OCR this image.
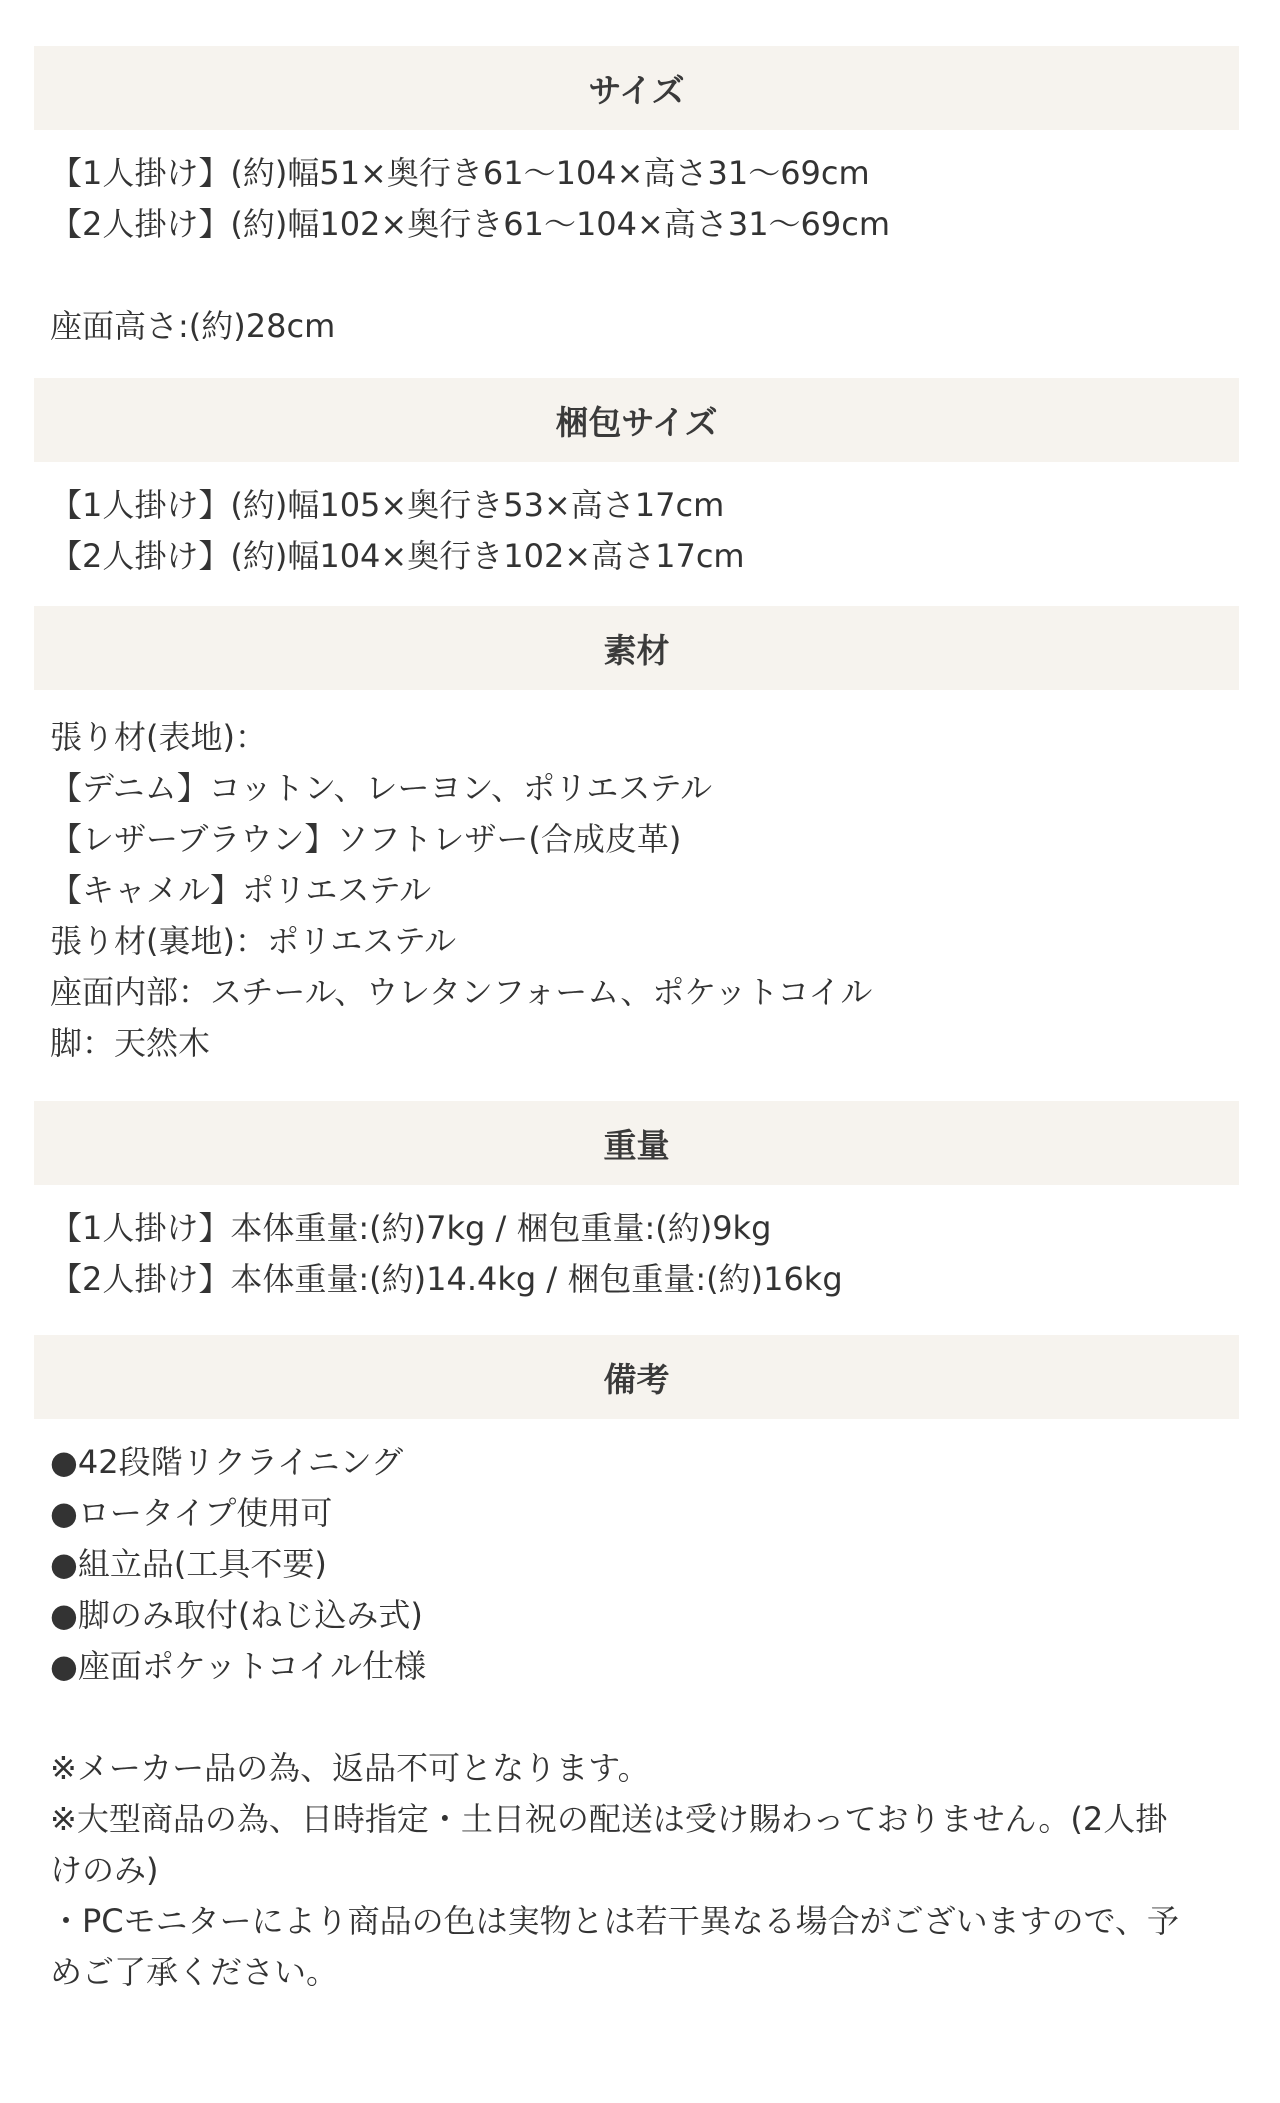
サイズ
【1人掛け】(約)幅51×奥行き61〜104×高さ31〜69cm
【2人掛け】(約)幅102×奥行き61〜104×高さ31〜69cm
座面高さ:(約)28cm
梱包サイズ
【1人掛け】(約)幅105×奥行き53×高さ17cm
【2人掛け】(約)幅104×奥行き102×高さ17cm
素材
張り材(表地)：
【デニム】コットン、レーヨン、ポリエステル
【レザーブラウン】ソフトレザー(合成皮革)
【キャメル】ポリエステル
張り材(裏地)：ポリエステル
座面内部：スチール、ウレタンフォーム、ポケットコイル
脚：天然木
重量
【1人掛け】本体重量:(約)7kg / 梱包重量:(約)9kg
【2人掛け】本体重量:(約)14.4kg / 梱包重量:(約)16kg
備考
●42段階リクライニング
●ロータイプ使用可
●組立品(工具不要)
●脚のみ取付(ねじ込み式)
●座面ポケットコイル仕様
※メーカー品の為、返品不可となります。
※大型商品の為、日時指定・土日祝の配送は受け賜わっておりません。(2人掛
けのみ)
・PCモニターにより商品の色は実物とは若干異なる場合がございますので、予
めご了承ください。
